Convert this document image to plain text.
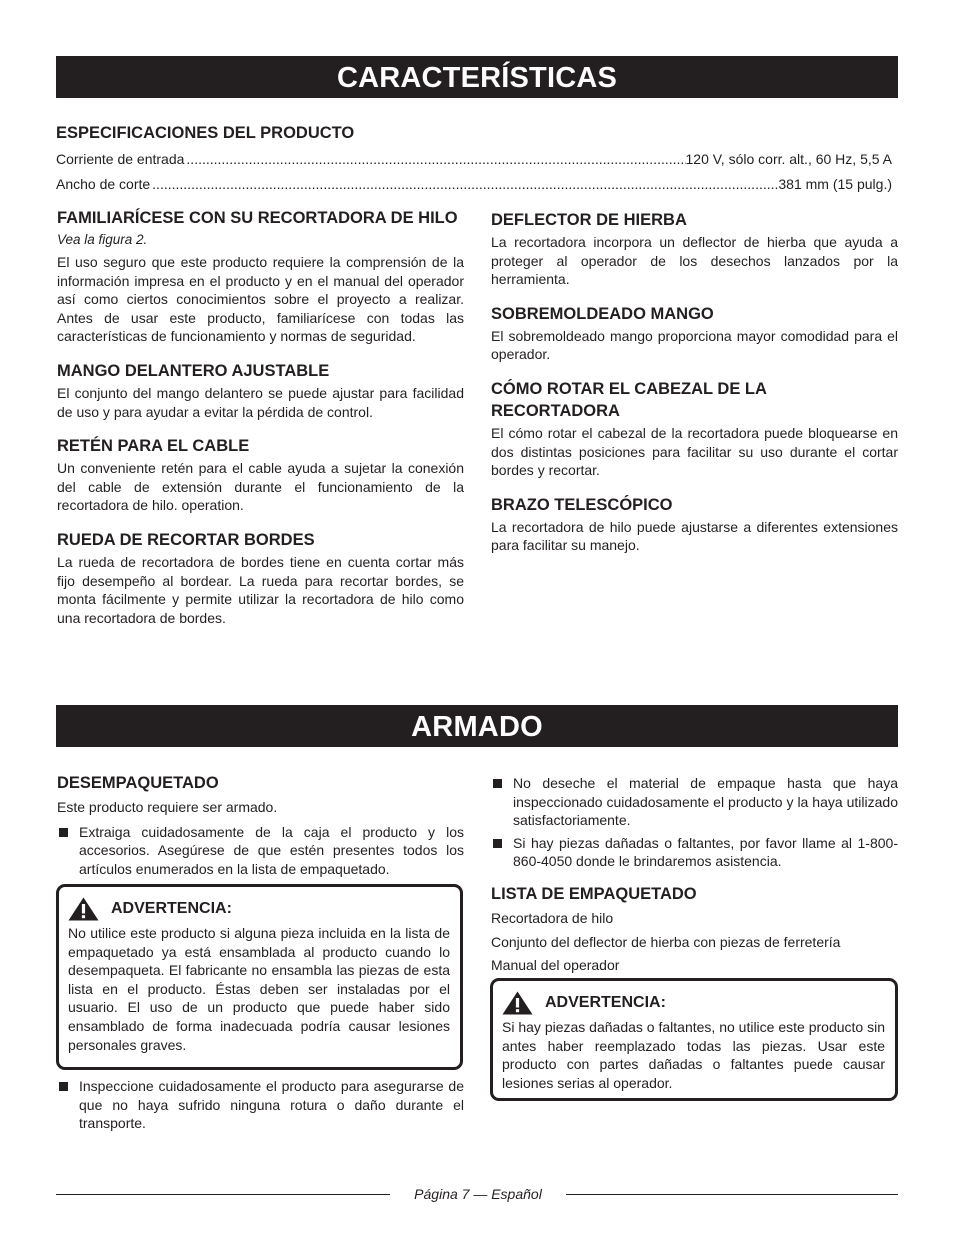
CARACTERÍSTICAS
ESPECIFICACIONES DEL PRODUCTO
Corriente de entrada .....	120 V, sólo corr. alt., 60 Hz, 5,5 A
Ancho de corte .....	381 mm (15 pulg.)
FAMILIARÍCESE CON SU RECORTADORA DE HILO
Vea la figura 2.

El uso seguro que este producto requiere la comprensión de la información impresa en el producto y en el manual del operador así como ciertos conocimientos sobre el proyecto a realizar. Antes de usar este producto, familiarícese con todas las características de funcionamiento y normas de seguridad.

MANGO DELANTERO AJUSTABLE

El conjunto del mango delantero se puede ajustar para facilidad de uso y para ayudar a evitar la pérdida de control.

RETÉN PARA EL CABLE

Un conveniente retén para el cable ayuda a sujetar la conexión del cable de extensión durante el funcionamiento de la recortadora de hilo. operation.

RUEDA DE RECORTAR BORDES

La rueda de recortadora de bordes tiene en cuenta cortar más fijo desempeño al bordear. La rueda para recortar bordes, se monta fácilmente y permite utilizar la recortadora de hilo como una recortadora de bordes.

DEFLECTOR DE HIERBA

La recortadora incorpora un deflector de hierba que ayuda a proteger al operador de los desechos lanzados por la herramienta.

SOBREMOLDEADO MANGO

El sobremoldeado mango proporciona mayor comodidad para el operador.

CÓMO ROTAR EL CABEZAL DE LA RECORTADORA

El cómo rotar el cabezal de la recortadora puede bloquearse en dos distintas posiciones para facilitar su uso durante el cortar bordes y recortar.

BRAZO TELESCÓPICO

La recortadora de hilo puede ajustarse a diferentes extensiones para facilitar su manejo.

ARMADO
DESEMPAQUETADO
Este producto requiere ser armado.
Extraiga cuidadosamente de la caja el producto y los accesorios. Asegúrese de que estén presentes todos los artículos enumerados en la lista de empaquetado.
ADVERTENCIA:

No utilice este producto si alguna pieza incluida en la lista de empaquetado ya está ensamblada al producto cuando lo desempaqueta. El fabricante no ensambla las piezas de esta lista en el producto. Éstas deben ser instaladas por el usuario. El uso de un producto que puede haber sido ensamblado de forma inadecuada podría causar lesiones personales graves.

Inspeccione cuidadosamente el producto para asegurarse de que no haya sufrido ninguna rotura o daño durante el transporte.
No deseche el material de empaque hasta que haya inspeccionado cuidadosamente el producto y la haya utilizado satisfactoriamente.
Si hay piezas dañadas o faltantes, por favor llame al 1-800-860-4050 donde le brindaremos asistencia.
LISTA DE EMPAQUETADO
Recortadora de hilo
Conjunto del deflector de hierba con piezas de ferretería
Manual del operador
ADVERTENCIA:

Si hay piezas dañadas o faltantes, no utilice este producto sin antes haber reemplazado todas las piezas. Usar este producto con partes dañadas o faltantes puede causar lesiones serias al operador.

Página 7 — Español
